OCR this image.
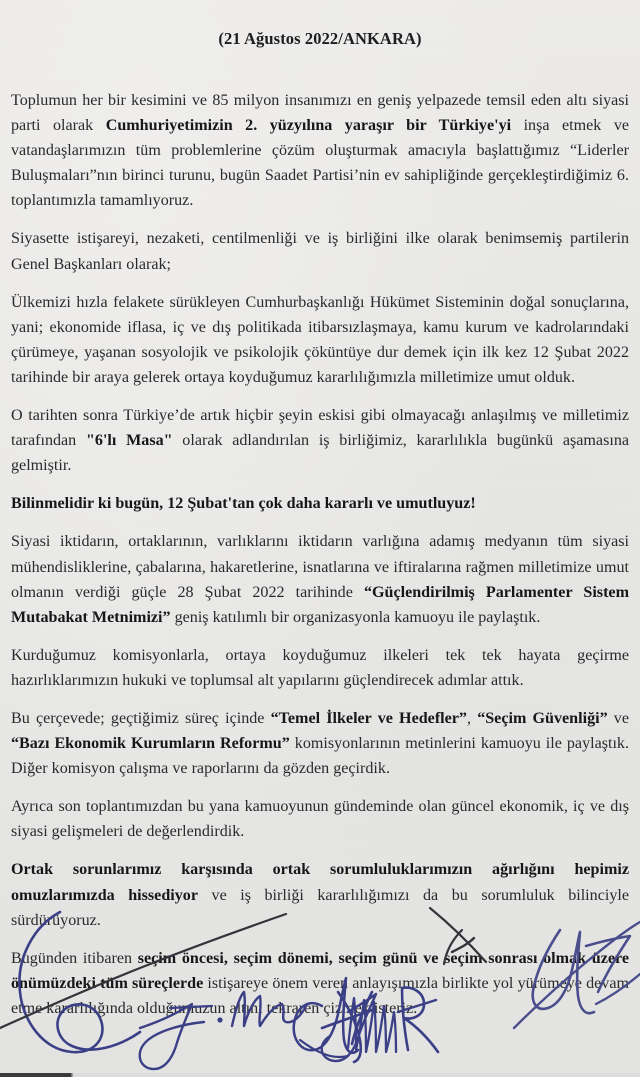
(21 Ağustos 2022/ANKARA)

Toplumun her bir kesimini ve 85 milyon insanımızı en geniş yelpazede temsil eden altı siyasi parti olarak Cumhuriyetimizin 2. yüzyılına yaraşır bir Türkiye'yi inşa etmek ve vatandaşlarımızın tüm problemlerine çözüm oluşturmak amacıyla başlattığımız “Liderler Buluşmaları”nın birinci turunu, bugün Saadet Partisi’nin ev sahipliğinde gerçekleştirdiğimiz 6. toplantımızla tamamlıyoruz.

Siyasette istişareyi, nezaketi, centilmenliği ve iş birliğini ilke olarak benimsemiş partilerin Genel Başkanları olarak;

Ülkemizi hızla felakete sürükleyen Cumhurbaşkanlığı Hükümet Sisteminin doğal sonuçlarına, yani; ekonomide iflasa, iç ve dış politikada itibarsızlaşmaya, kamu kurum ve kadrolarındaki çürümeye, yaşanan sosyolojik ve psikolojik çöküntüye dur demek için ilk kez 12 Şubat 2022 tarihinde bir araya gelerek ortaya koyduğumuz kararlılığımızla milletimize umut olduk.

O tarihten sonra Türkiye’de artık hiçbir şeyin eskisi gibi olmayacağı anlaşılmış ve milletimiz tarafından "6'lı Masa" olarak adlandırılan iş birliğimiz, kararlılıkla bugünkü aşamasına gelmiştir.

Bilinmelidir ki bugün, 12 Şubat'tan çok daha kararlı ve umutluyuz!

Siyasi iktidarın, ortaklarının, varlıklarını iktidarın varlığına adamış medyanın tüm siyasi mühendisliklerine, çabalarına, hakaretlerine, isnatlarına ve iftiralarına rağmen milletimize umut olmanın verdiği güçle 28 Şubat 2022 tarihinde “Güçlendirilmiş Parlamenter Sistem Mutabakat Metnimizi” geniş katılımlı bir organizasyonla kamuoyu ile paylaştık.

Kurduğumuz komisyonlarla, ortaya koyduğumuz ilkeleri tek tek hayata geçirme hazırlıklarımızın hukuki ve toplumsal alt yapılarını güçlendirecek adımlar attık.

Bu çerçevede; geçtiğimiz süreç içinde “Temel İlkeler ve Hedefler”, “Seçim Güvenliği” ve “Bazı Ekonomik Kurumların Reformu” komisyonlarının metinlerini kamuoyu ile paylaştık. Diğer komisyon çalışma ve raporlarını da gözden geçirdik.

Ayrıca son toplantımızdan bu yana kamuoyunun gündeminde olan güncel ekonomik, iç ve dış siyasi gelişmeleri de değerlendirdik.

Ortak sorunlarımız karşısında ortak sorumluluklarımızın ağırlığını hepimiz omuzlarımızda hissediyor ve iş birliği kararlılığımızı da bu sorumluluk bilinciyle sürdürüyoruz.

Bugünden itibaren seçim öncesi, seçim dönemi, seçim günü ve seçim sonrası olmak üzere önümüzdeki tüm süreçlerde istişareye önem veren anlayışımızla birlikte yol yürümeye devam etme kararlılığında olduğumuzun altını tekraren çizmek isteriz.
